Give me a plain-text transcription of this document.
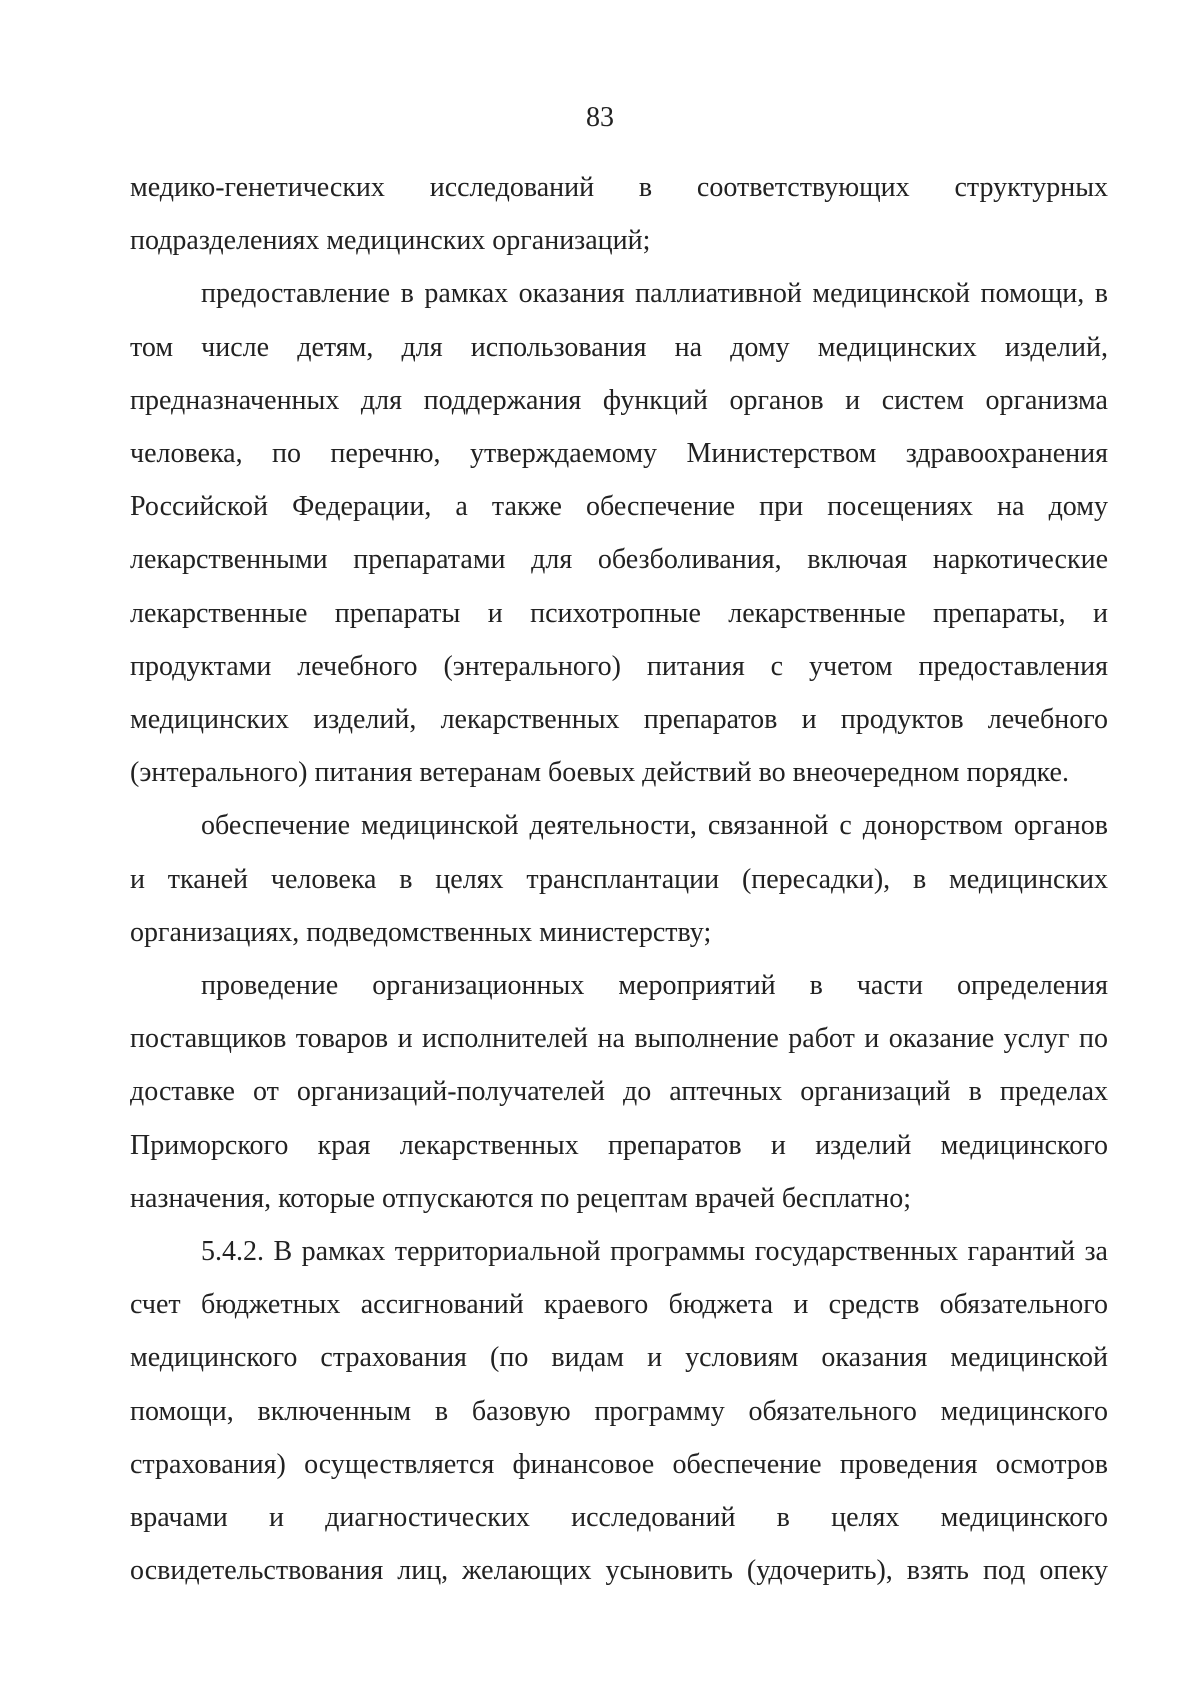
83

медико-генетических исследований в соответствующих структурных
подразделениях медицинских организаций;

предоставление в рамках оказания паллиативной медицинской помощи, в
том числе детям, для использования на дому медицинских изделий,
предназначенных для поддержания функций органов и систем организма
человека, по перечню, утверждаемому Министерством здравоохранения
Российской Федерации, а также обеспечение при посещениях на дому
лекарственными препаратами для обезболивания, включая наркотические
лекарственные препараты и психотропные лекарственные препараты, и
продуктами лечебного (энтерального) питания с учетом предоставления
медицинских изделий, лекарственных препаратов и продуктов лечебного
(энтерального) питания ветеранам боевых действий во внеочередном порядке.

обеспечение медицинской деятельности, связанной с донорством органов
и тканей человека в целях трансплантации (пересадки), в медицинских
организациях, подведомственных министерству;

проведение организационных мероприятий в части определения
поставщиков товаров и исполнителей на выполнение работ и оказание услуг по
доставке от организаций-получателей до аптечных организаций в пределах
Приморского края лекарственных препаратов и изделий медицинского
назначения, которые отпускаются по рецептам врачей бесплатно;

5.4.2. В рамках территориальной программы государственных гарантий за
счет бюджетных ассигнований краевого бюджета и средств обязательного
медицинского страхования (по видам и условиям оказания медицинской
помощи, включенным в базовую программу обязательного медицинского
страхования) осуществляется финансовое обеспечение проведения осмотров
врачами и диагностических исследований в целях медицинского
освидетельствования лиц, желающих усыновить (удочерить), взять под опеку
